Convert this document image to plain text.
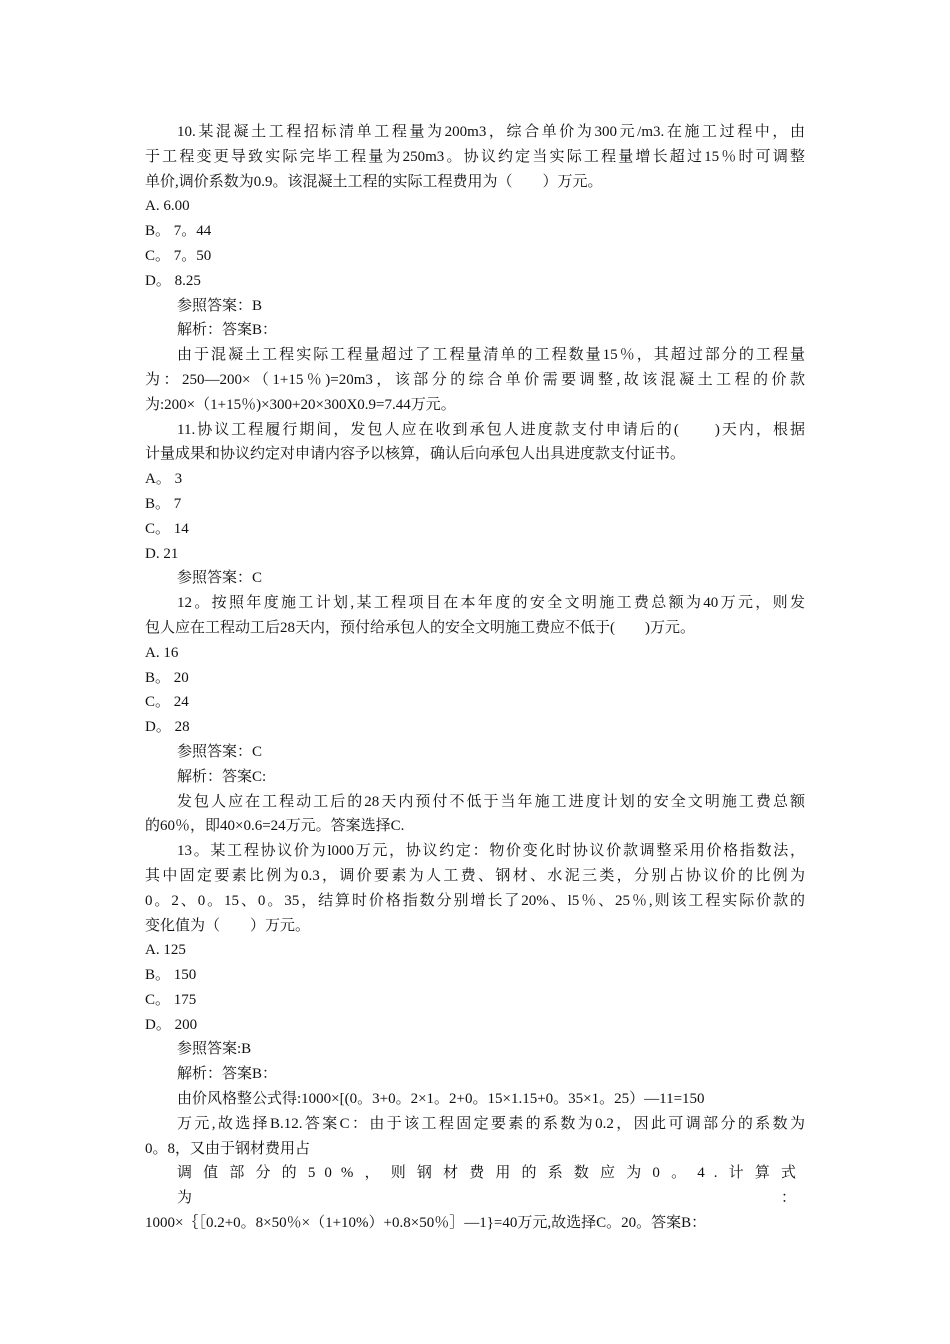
10.某混凝土工程招标清单工程量为200m3，综合单价为300元/m3.在施工过程中，由
于工程变更导致实际完毕工程量为250m3。协议约定当实际工程量增长超过15％时可调整
单价,调价系数为0.9。该混凝土工程的实际工程费用为（　　）万元。
A. 6.00
B。 7。44
C。 7。50
D。 8.25
参照答案：B
解析：答案B：
由于混凝土工程实际工程量超过了工程量清单的工程数量15％，其超过部分的工程量
为：250—200×（1+15％)=20m3，该部分的综合单价需要调整,故该混凝土工程的价款
为:200×（1+15％)×300+20×300X0.9=7.44万元。
11.协议工程履行期间，发包人应在收到承包人进度款支付申请后的(　　)天内，根据
计量成果和协议约定对申请内容予以核算，确认后向承包人出具进度款支付证书。
A。 3
B。 7
C。 14
D. 21
参照答案：C
12。按照年度施工计划,某工程项目在本年度的安全文明施工费总额为40万元，则发
包人应在工程动工后28天内，预付给承包人的安全文明施工费应不低于(　　)万元。
A. 16
B。 20
C。 24
D。 28
参照答案：C
解析：答案C:
发包人应在工程动工后的28天内预付不低于当年施工进度计划的安全文明施工费总额
的60％，即40×0.6=24万元。答案选择C.
13。某工程协议价为l000万元，协议约定：物价变化时协议价款调整采用价格指数法，
其中固定要素比例为0.3，调价要素为人工费、钢材、水泥三类，分别占协议价的比例为
0。2、0。15、0。35，结算时价格指数分别增长了20%、l5％、25％,则该工程实际价款的
变化值为（　　）万元。
A. 125
B。 150
C。 175
D。 200
参照答案:B
解析：答案B：
由价风格整公式得:1000×[(0。3+0。2×1。2+0。15×1.15+0。35×1。25）—11=150
万元,故选择B.12.答案C：由于该工程固定要素的系数为0.2，因此可调部分的系数为
0。8，又由于钢材费用占
调值部分的50%，则钢材费用的系数应为0。4.计算式为：
1000×｛［0.2+0。8×50％×（1+10%）+0.8×50％］—1}=40万元,故选择C。20。答案B：
